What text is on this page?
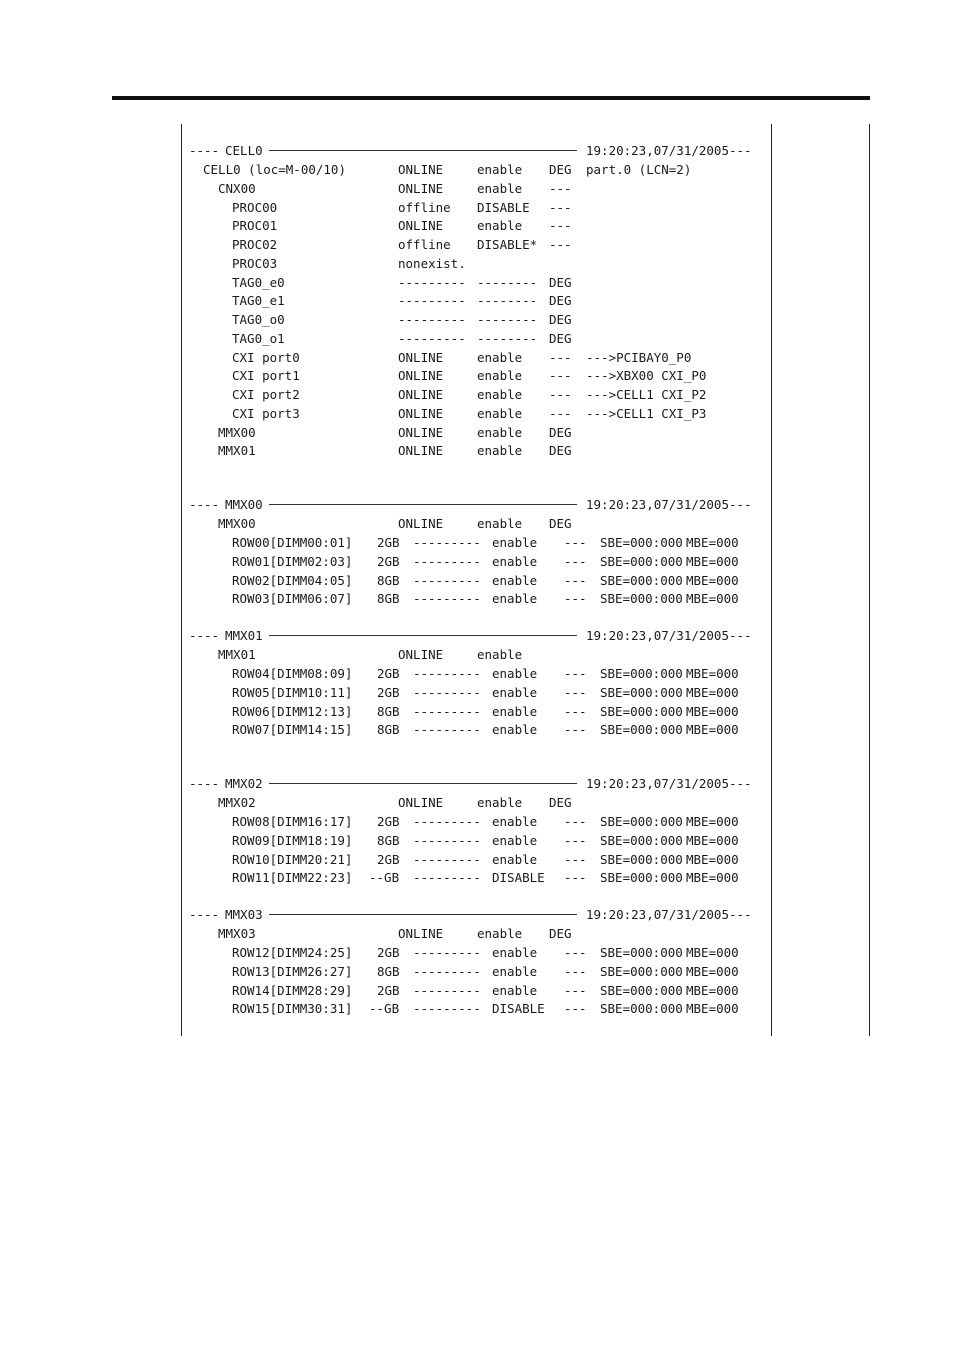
---- CELL0	19:20:23,07/31/2005 ---
CELL0 (loc=M-00/10)	ONLINE	enable DEG part.0 (LCN=2)
CNX00	ONLINE	enable ---
PROC00	offline DISABLE ---
PROC01	ONLINE	enable ---
PROC02	offline DISABLE* ---
PROC03	nonexist.
TAG0_e0	--------- -------- DEG
TAG0_e1	--------- -------- DEG
TAG0_o0	--------- -------- DEG
TAG0_o1	--------- -------- DEG
CXI port0	ONLINE	enable --- --->PCIBAY0_P0
CXI port1	ONLINE	enable --- --->XBX00 CXI_P0
CXI port2	ONLINE	enable --- --->CELL1 CXI_P2
CXI port3	ONLINE	enable --- --->CELL1 CXI_P3
MMX00	ONLINE	enable DEG
MMX01	ONLINE	enable DEG
---- MMX00	19:20:23,07/31/2005 ---
MMX00	ONLINE	enable DEG
ROW00[DIMM00:01] 2GB --------- enable --- SBE=000:000 MBE=000
ROW01[DIMM02:03] 2GB --------- enable --- SBE=000:000 MBE=000
ROW02[DIMM04:05] 8GB --------- enable --- SBE=000:000 MBE=000
ROW03[DIMM06:07] 8GB --------- enable --- SBE=000:000 MBE=000
---- MMX01	19:20:23,07/31/2005 ---
MMX01	ONLINE	enable
ROW04[DIMM08:09] 2GB --------- enable --- SBE=000:000 MBE=000
ROW05[DIMM10:11] 2GB --------- enable --- SBE=000:000 MBE=000
ROW06[DIMM12:13] 8GB --------- enable --- SBE=000:000 MBE=000
ROW07[DIMM14:15] 8GB --------- enable --- SBE=000:000 MBE=000
---- MMX02	19:20:23,07/31/2005 ---
MMX02	ONLINE	enable DEG
ROW08[DIMM16:17] 2GB --------- enable --- SBE=000:000 MBE=000
ROW09[DIMM18:19] 8GB --------- enable --- SBE=000:000 MBE=000
ROW10[DIMM20:21] 2GB --------- enable --- SBE=000:000 MBE=000
ROW11[DIMM22:23] --GB --------- DISABLE --- SBE=000:000 MBE=000
---- MMX03	19:20:23,07/31/2005 ---
MMX03	ONLINE	enable DEG
ROW12[DIMM24:25] 2GB --------- enable --- SBE=000:000 MBE=000
ROW13[DIMM26:27] 8GB --------- enable --- SBE=000:000 MBE=000
ROW14[DIMM28:29] 2GB --------- enable --- SBE=000:000 MBE=000
ROW15[DIMM30:31] --GB --------- DISABLE --- SBE=000:000 MBE=000
